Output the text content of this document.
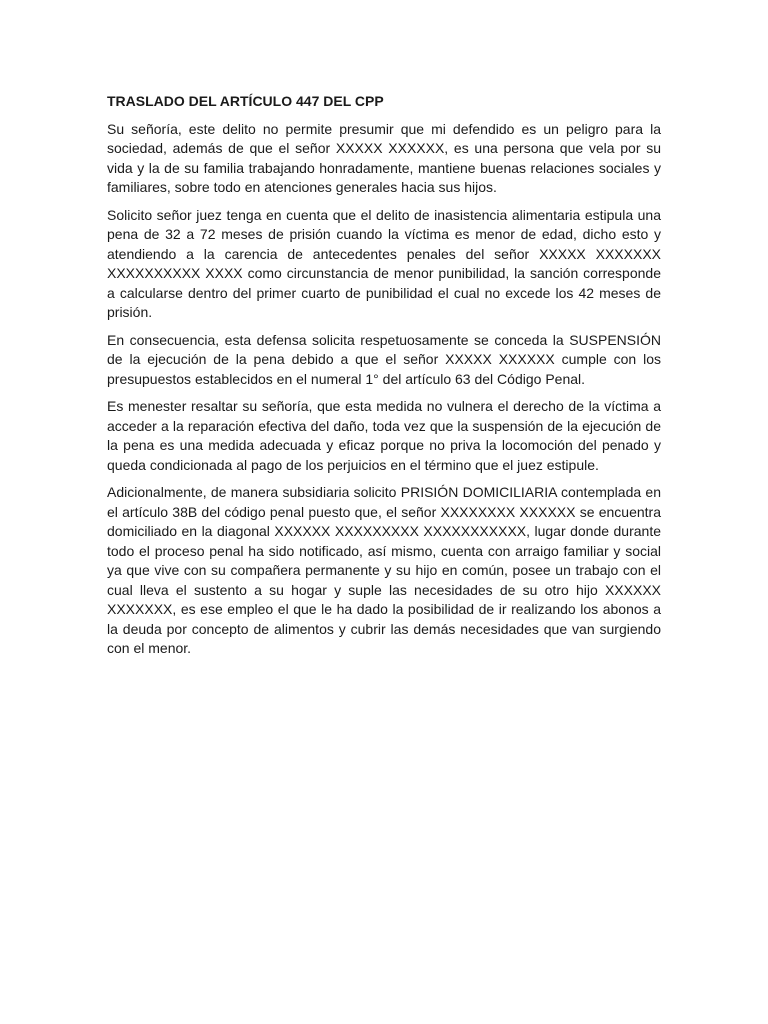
TRASLADO DEL ARTÍCULO 447 DEL CPP

Su señoría, este delito no permite presumir que mi defendido es un peligro para la sociedad, además de que el señor XXXXX XXXXXX, es una persona que vela por su vida y la de su familia trabajando honradamente, mantiene buenas relaciones sociales y familiares, sobre todo en atenciones generales hacia sus hijos.

Solicito señor juez tenga en cuenta que el delito de inasistencia alimentaria estipula una pena de 32 a 72 meses de prisión cuando la víctima es menor de edad, dicho esto y atendiendo a la carencia de antecedentes penales del señor XXXXX XXXXXXX XXXXXXXXXX XXXX como circunstancia de menor punibilidad, la sanción corresponde a calcularse dentro del primer cuarto de punibilidad el cual no excede los 42 meses de prisión.

En consecuencia, esta defensa solicita respetuosamente se conceda la SUSPENSIÓN de la ejecución de la pena debido a que el señor XXXXX XXXXXX cumple con los presupuestos establecidos en el numeral 1° del artículo 63 del Código Penal.

Es menester resaltar su señoría, que esta medida no vulnera el derecho de la víctima a acceder a la reparación efectiva del daño, toda vez que la suspensión de la ejecución de la pena es una medida adecuada y eficaz porque no priva la locomoción del penado y queda condicionada al pago de los perjuicios en el término que el juez estipule.

Adicionalmente, de manera subsidiaria solicito PRISIÓN DOMICILIARIA contemplada en el artículo 38B del código penal puesto que, el señor XXXXXXXX XXXXXX se encuentra domiciliado en la diagonal XXXXXX XXXXXXXXX XXXXXXXXXXX, lugar donde durante todo el proceso penal ha sido notificado, así mismo, cuenta con arraigo familiar y social ya que vive con su compañera permanente y su hijo en común, posee un trabajo con el cual lleva el sustento a su hogar y suple las necesidades de su otro hijo XXXXXX XXXXXXX, es ese empleo el que le ha dado la posibilidad de ir realizando los abonos a la deuda por concepto de alimentos y cubrir las demás necesidades que van surgiendo con el menor.
